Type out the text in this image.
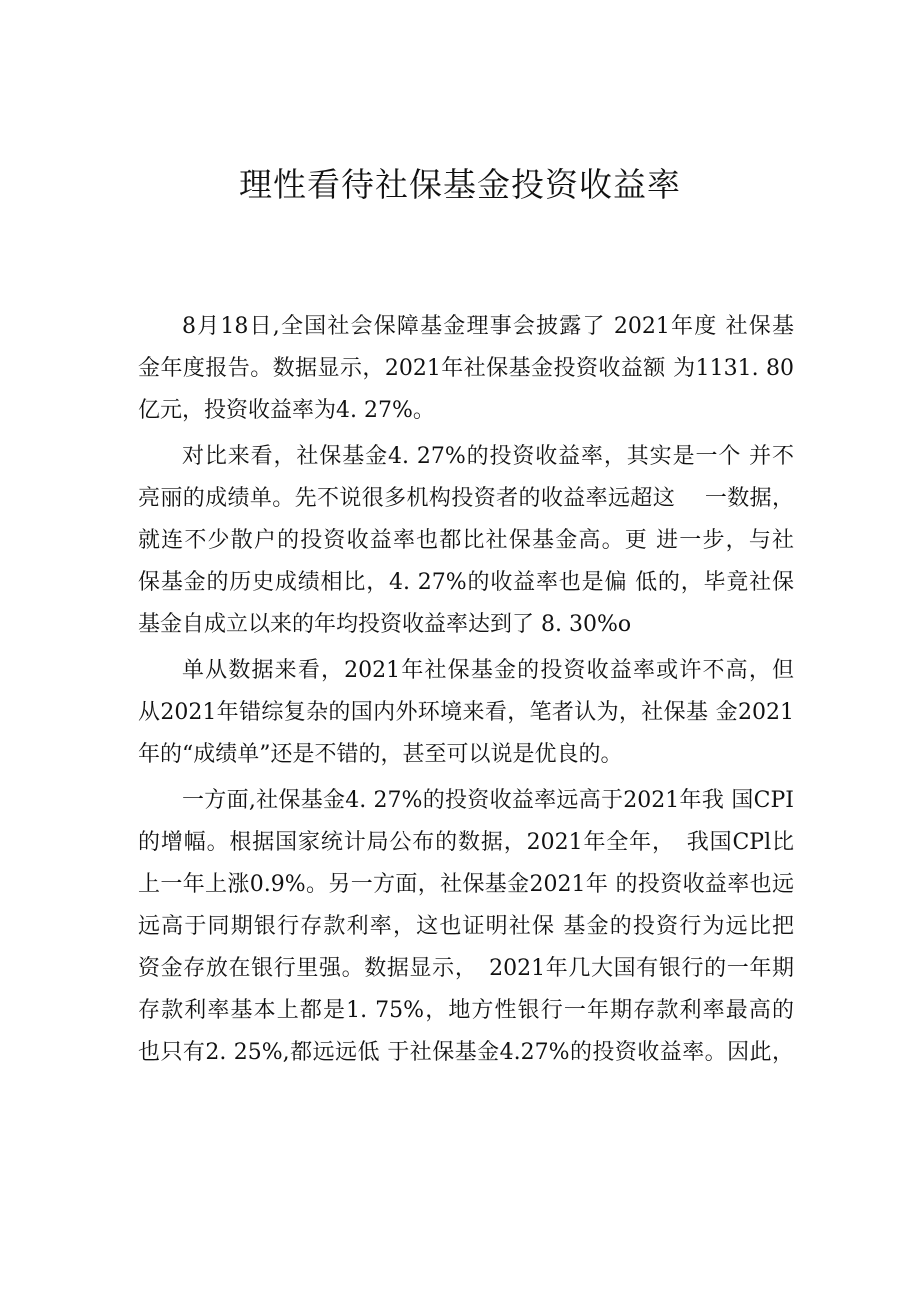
理性看待社保基金投资收益率

8月18日,全国社会保障基金理事会披露了 2021年度 社保基
金年度报告。数据显示，2021年社保基金投资收益额 为1131. 80
亿元，投资收益率为4. 27%。

对比来看，社保基金4. 27%的投资收益率，其实是一个 并不
亮丽的成绩单。先不说很多机构投资者的收益率远超这　 一数据，
就连不少散户的投资收益率也都比社保基金高。更 进一步，与社
保基金的历史成绩相比，4. 27%的收益率也是偏 低的，毕竟社保
基金自成立以来的年均投资收益率达到了 8. 30%o

单从数据来看，2021年社保基金的投资收益率或许不高，但
从2021年错综复杂的国内外环境来看，笔者认为，社保基 金2021
年的“成绩单”还是不错的，甚至可以说是优良的。

一方面,社保基金4. 27%的投资收益率远高于2021年我 国CPI
的增幅。根据国家统计局公布的数据，2021年全年，　我国CPl比
上一年上涨0.9%。另一方面，社保基金2021年 的投资收益率也远
远高于同期银行存款利率，这也证明社保 基金的投资行为远比把
资金存放在银行里强。数据显示，　2021年几大国有银行的一年期
存款利率基本上都是1. 75%，地方性银行一年期存款利率最高的
也只有2. 25%,都远远低 于社保基金4.27%的投资收益率。因此，
